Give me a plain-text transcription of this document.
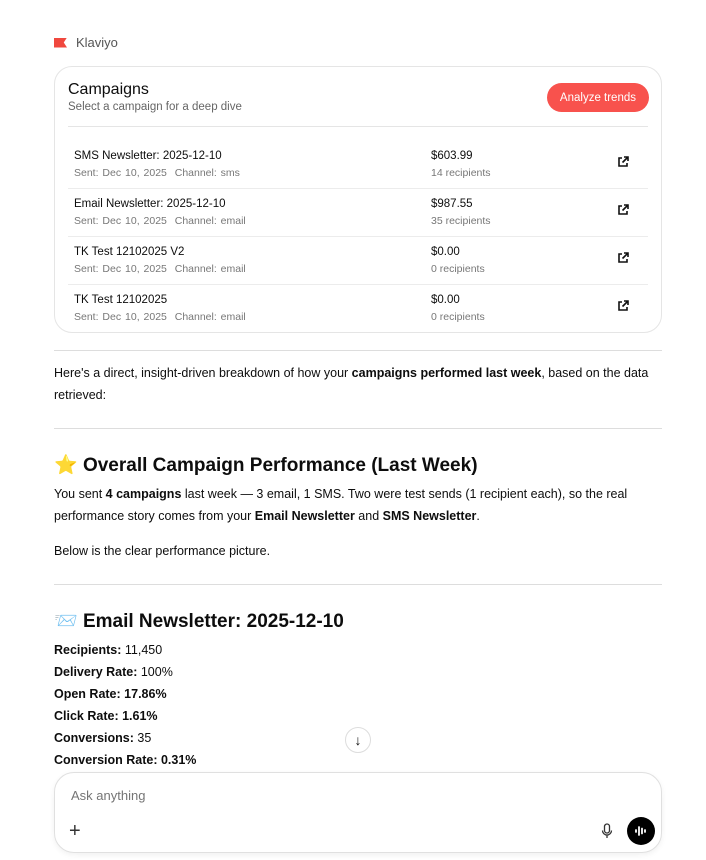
Klaviyo
Campaigns
Select a campaign for a deep dive
Analyze trends
SMS Newsletter: 2025-12-10
Sent: Dec 10, 2025  Channel: sms
$603.99
14 recipients
Email Newsletter: 2025-12-10
Sent: Dec 10, 2025  Channel: email
$987.55
35 recipients
TK Test 12102025 V2
Sent: Dec 10, 2025  Channel: email
$0.00
0 recipients
TK Test 12102025
Sent: Dec 10, 2025  Channel: email
$0.00
0 recipients
Here's a direct, insight-driven breakdown of how your campaigns performed last week, based on the data retrieved:
⭐ Overall Campaign Performance (Last Week)
You sent 4 campaigns last week — 3 email, 1 SMS. Two were test sends (1 recipient each), so the real performance story comes from your Email Newsletter and SMS Newsletter.
Below is the clear performance picture.
📨 Email Newsletter: 2025-12-10
Recipients: 11,450
Delivery Rate: 100%
Open Rate: 17.86%
Click Rate: 1.61%
Conversions: 35
Conversion Rate: 0.31%
↓
Ask anything
+
